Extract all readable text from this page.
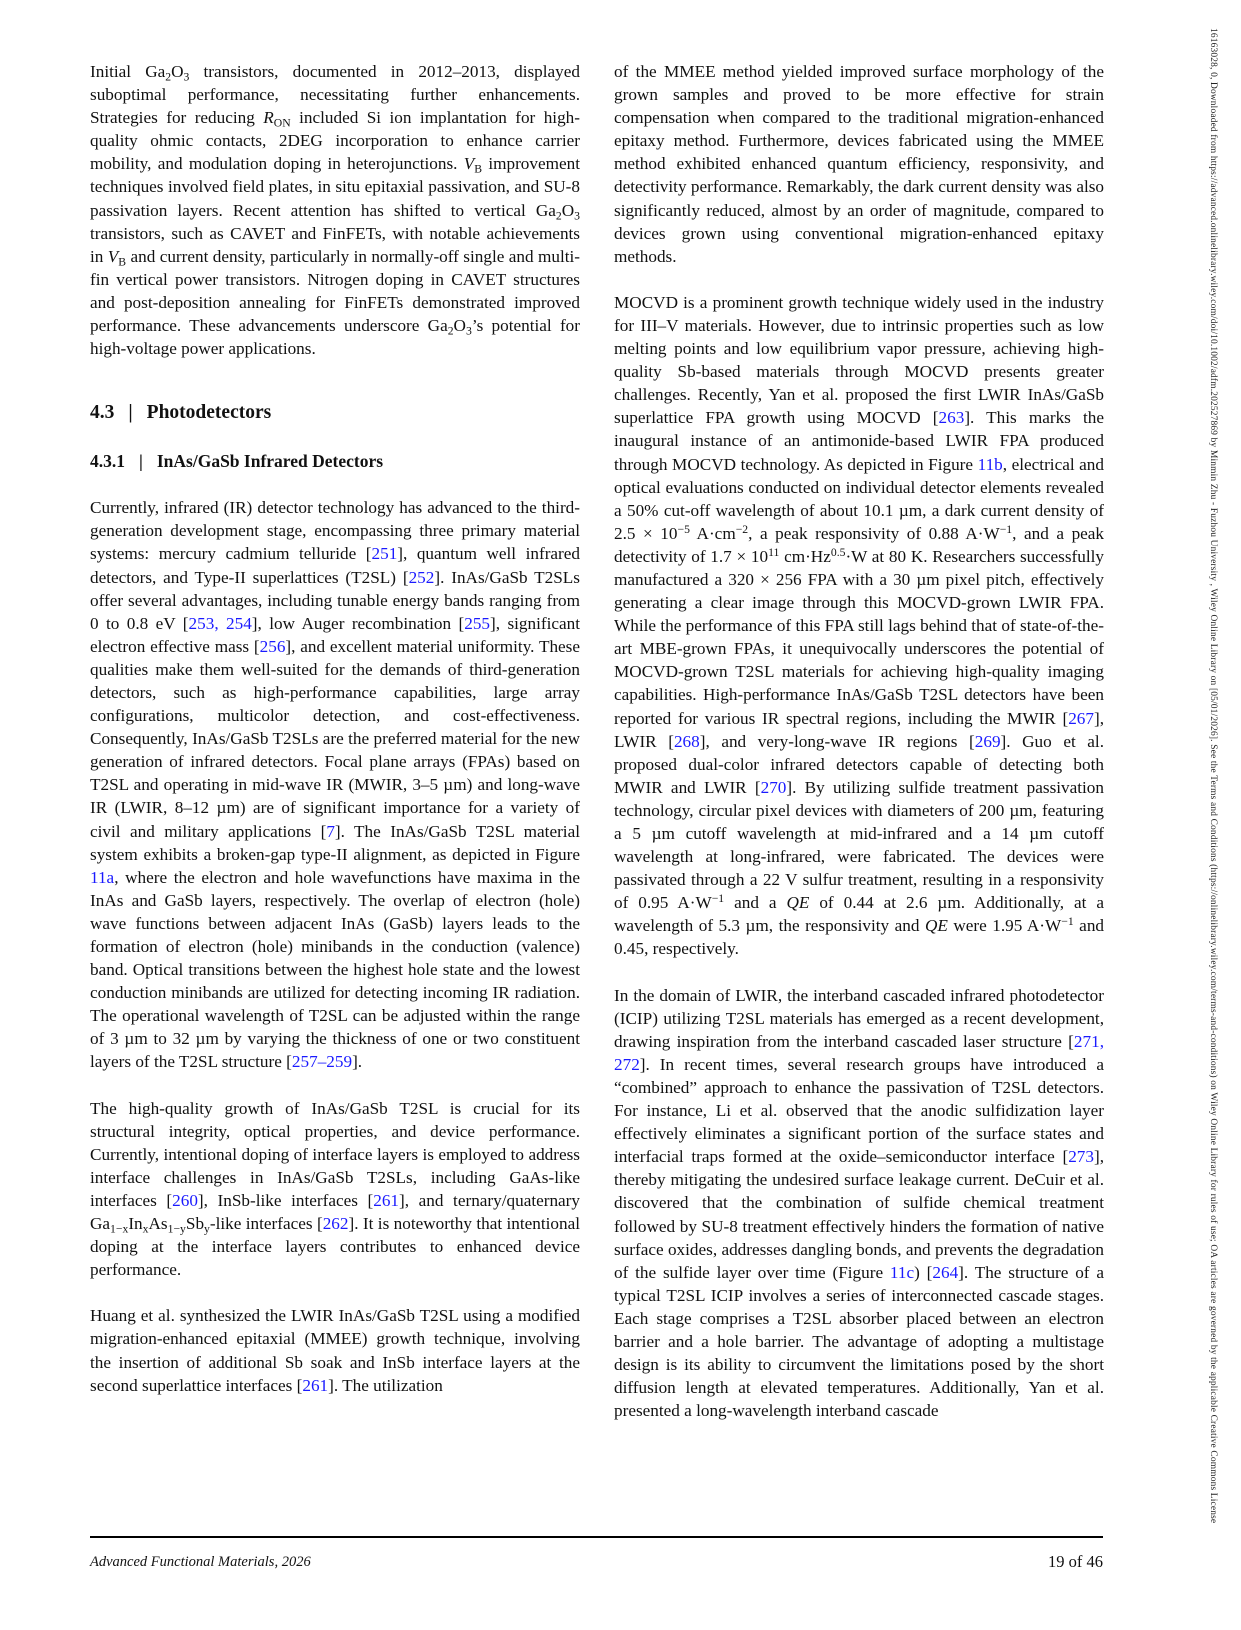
16163028, 0, Downloaded from https://advanced.onlinelibrary.wiley.com/doi/10.1002/adfm.202527869 by Minmin Zhu - Fuzhou University , Wiley Online Library on [05/01/2026]. See the Terms and Conditions (https://onlinelibrary.wiley.com/terms-and-conditions) on Wiley Online Library for rules of use; OA articles are governed by the applicable Creative Commons License

Initial $Ga_2O_3$ transistors, documented in 2012–2013, displayed suboptimal performance, necessitating further enhancements. Strategies for reducing $R_{ON}$ included Si ion implantation for high-quality ohmic contacts, 2DEG incorporation to enhance carrier mobility, and modulation doping in heterojunctions. $V_B$ improvement techniques involved field plates, in situ epitaxial passivation, and SU-8 passivation layers. Recent attention has shifted to vertical $Ga_2O_3$ transistors, such as CAVET and FinFETs, with notable achievements in $V_B$ and current density, particularly in normally-off single and multi-fin vertical power transistors. Nitrogen doping in CAVET structures and post-deposition annealing for FinFETs demonstrated improved performance. These advancements underscore $Ga_2O_3’s$ potential for high-voltage power applications.

4.3 | Photodetectors
4.3.1 | InAs/GaSb Infrared Detectors

Currently, infrared (IR) detector technology has advanced to the third-generation development stage, encompassing three primary material systems: mercury cadmium telluride [251], quantum well infrared detectors, and Type-II superlattices (T2SL) [252]. InAs/GaSb T2SLs offer several advantages, including tunable energy bands ranging from 0 to 0.8 eV [253, 254], low Auger recombination [255], significant electron effective mass [256], and excellent material uniformity. These qualities make them well-suited for the demands of third-generation detectors, such as high-performance capabilities, large array configurations, multicolor detection, and cost-effectiveness. Consequently, InAs/GaSb T2SLs are the preferred material for the new generation of infrared detectors. Focal plane arrays (FPAs) based on T2SL and operating in mid-wave IR (MWIR, 3–5 µm) and long-wave IR (LWIR, 8–12 µm) are of significant importance for a variety of civil and military applications [7]. The InAs/GaSb T2SL material system exhibits a broken-gap type-II alignment, as depicted in Figure 11a, where the electron and hole wavefunctions have maxima in the InAs and GaSb layers, respectively. The overlap of electron (hole) wave functions between adjacent InAs (GaSb) layers leads to the formation of electron (hole) minibands in the conduction (valence) band. Optical transitions between the highest hole state and the lowest conduction minibands are utilized for detecting incoming IR radiation. The operational wavelength of T2SL can be adjusted within the range of 3 µm to 32 µm by varying the thickness of one or two constituent layers of the T2SL structure [257–259].

The high-quality growth of InAs/GaSb T2SL is crucial for its structural integrity, optical properties, and device performance. Currently, intentional doping of interface layers is employed to address interface challenges in InAs/GaSb T2SLs, including GaAs-like interfaces [260], InSb-like interfaces [261], and ternary/quaternary $Ga_{1-x}In_xAs_{1-y}Sb_y$-like interfaces [262]. It is noteworthy that intentional doping at the interface layers contributes to enhanced device performance.

Huang et al. synthesized the LWIR InAs/GaSb T2SL using a modified migration-enhanced epitaxial (MMEE) growth technique, involving the insertion of additional Sb soak and InSb interface layers at the second superlattice interfaces [261]. The utilization

of the MMEE method yielded improved surface morphology of the grown samples and proved to be more effective for strain compensation when compared to the traditional migration-enhanced epitaxy method. Furthermore, devices fabricated using the MMEE method exhibited enhanced quantum efficiency, responsivity, and detectivity performance. Remarkably, the dark current density was also significantly reduced, almost by an order of magnitude, compared to devices grown using conventional migration-enhanced epitaxy methods.

MOCVD is a prominent growth technique widely used in the industry for III–V materials. However, due to intrinsic properties such as low melting points and low equilibrium vapor pressure, achieving high-quality Sb-based materials through MOCVD presents greater challenges. Recently, Yan et al. proposed the first LWIR InAs/GaSb superlattice FPA growth using MOCVD [263]. This marks the inaugural instance of an antimonide-based LWIR FPA produced through MOCVD technology. As depicted in Figure 11b, electrical and optical evaluations conducted on individual detector elements revealed a 50% cut-off wavelength of about 10.1 µm, a dark current density of $2.5 \times 10^{-5}$ $A\cdot cm^{-2}$, a peak responsivity of 0.88 $A\cdot W^{-1}$, and a peak detectivity of $1.7 \times 10^{11}$ $cm\cdot Hz^{0.5}\cdot W$ at 80 K. Researchers successfully manufactured a 320 × 256 FPA with a 30 µm pixel pitch, effectively generating a clear image through this MOCVD-grown LWIR FPA. While the performance of this FPA still lags behind that of state-of-the-art MBE-grown FPAs, it unequivocally underscores the potential of MOCVD-grown T2SL materials for achieving high-quality imaging capabilities. High-performance InAs/GaSb T2SL detectors have been reported for various IR spectral regions, including the MWIR [267], LWIR [268], and very-long-wave IR regions [269]. Guo et al. proposed dual-color infrared detectors capable of detecting both MWIR and LWIR [270]. By utilizing sulfide treatment passivation technology, circular pixel devices with diameters of 200 µm, featuring a 5 µm cutoff wavelength at mid-infrared and a 14 µm cutoff wavelength at long-infrared, were fabricated. The devices were passivated through a 22 V sulfur treatment, resulting in a responsivity of 0.95 $A\cdot W^{-1}$ and a QE of 0.44 at 2.6 µm. Additionally, at a wavelength of 5.3 µm, the responsivity and QE were 1.95 $A\cdot W^{-1}$ and 0.45, respectively.

In the domain of LWIR, the interband cascaded infrared photodetector (ICIP) utilizing T2SL materials has emerged as a recent development, drawing inspiration from the interband cascaded laser structure [271, 272]. In recent times, several research groups have introduced a “combined” approach to enhance the passivation of T2SL detectors. For instance, Li et al. observed that the anodic sulfidization layer effectively eliminates a significant portion of the surface states and interfacial traps formed at the oxide–semiconductor interface [273], thereby mitigating the undesired surface leakage current. DeCuir et al. discovered that the combination of sulfide chemical treatment followed by SU-8 treatment effectively hinders the formation of native surface oxides, addresses dangling bonds, and prevents the degradation of the sulfide layer over time (Figure 11c) [264]. The structure of a typical T2SL ICIP involves a series of interconnected cascade stages. Each stage comprises a T2SL absorber placed between an electron barrier and a hole barrier. The advantage of adopting a multistage design is its ability to circumvent the limitations posed by the short diffusion length at elevated temperatures. Additionally, Yan et al. presented a long-wavelength interband cascade

Advanced Functional Materials, 2026	19 of 46
